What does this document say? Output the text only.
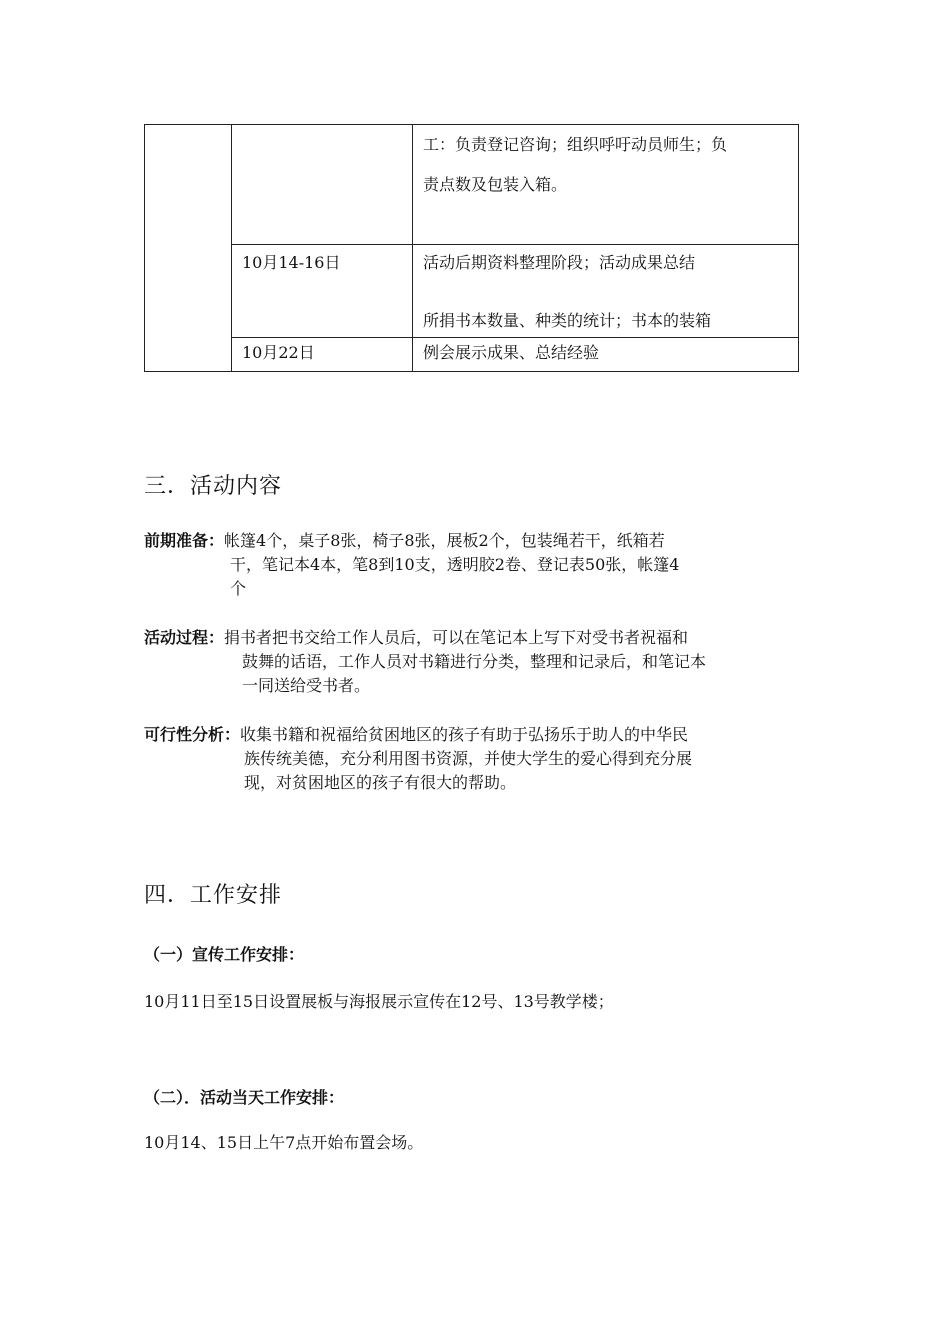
		工：负责登记咨询；组织呼吁动员师生；负
责点数及包装入箱。

	10月14-16日	活动后期资料整理阶段；活动成果总结
所捐书本数量、种类的统计；书本的装箱

	10月22日	例会展示成果、总结经验
三．活动内容
前期准备：帐篷4个，桌子8张，椅子8张，展板2个，包装绳若干，纸箱若
干，笔记本4本，笔8到10支，透明胶2卷、登记表50张，帐篷4
个
活动过程：捐书者把书交给工作人员后，可以在笔记本上写下对受书者祝福和
鼓舞的话语，工作人员对书籍进行分类，整理和记录后，和笔记本
一同送给受书者。
可行性分析：收集书籍和祝福给贫困地区的孩子有助于弘扬乐于助人的中华民
族传统美德，充分利用图书资源，并使大学生的爱心得到充分展
现，对贫困地区的孩子有很大的帮助。
四．工作安排
（一）宣传工作安排：
10月11日至15日设置展板与海报展示宣传在12号、13号教学楼；
（二）．活动当天工作安排：
10月14、15日上午7点开始布置会场。
